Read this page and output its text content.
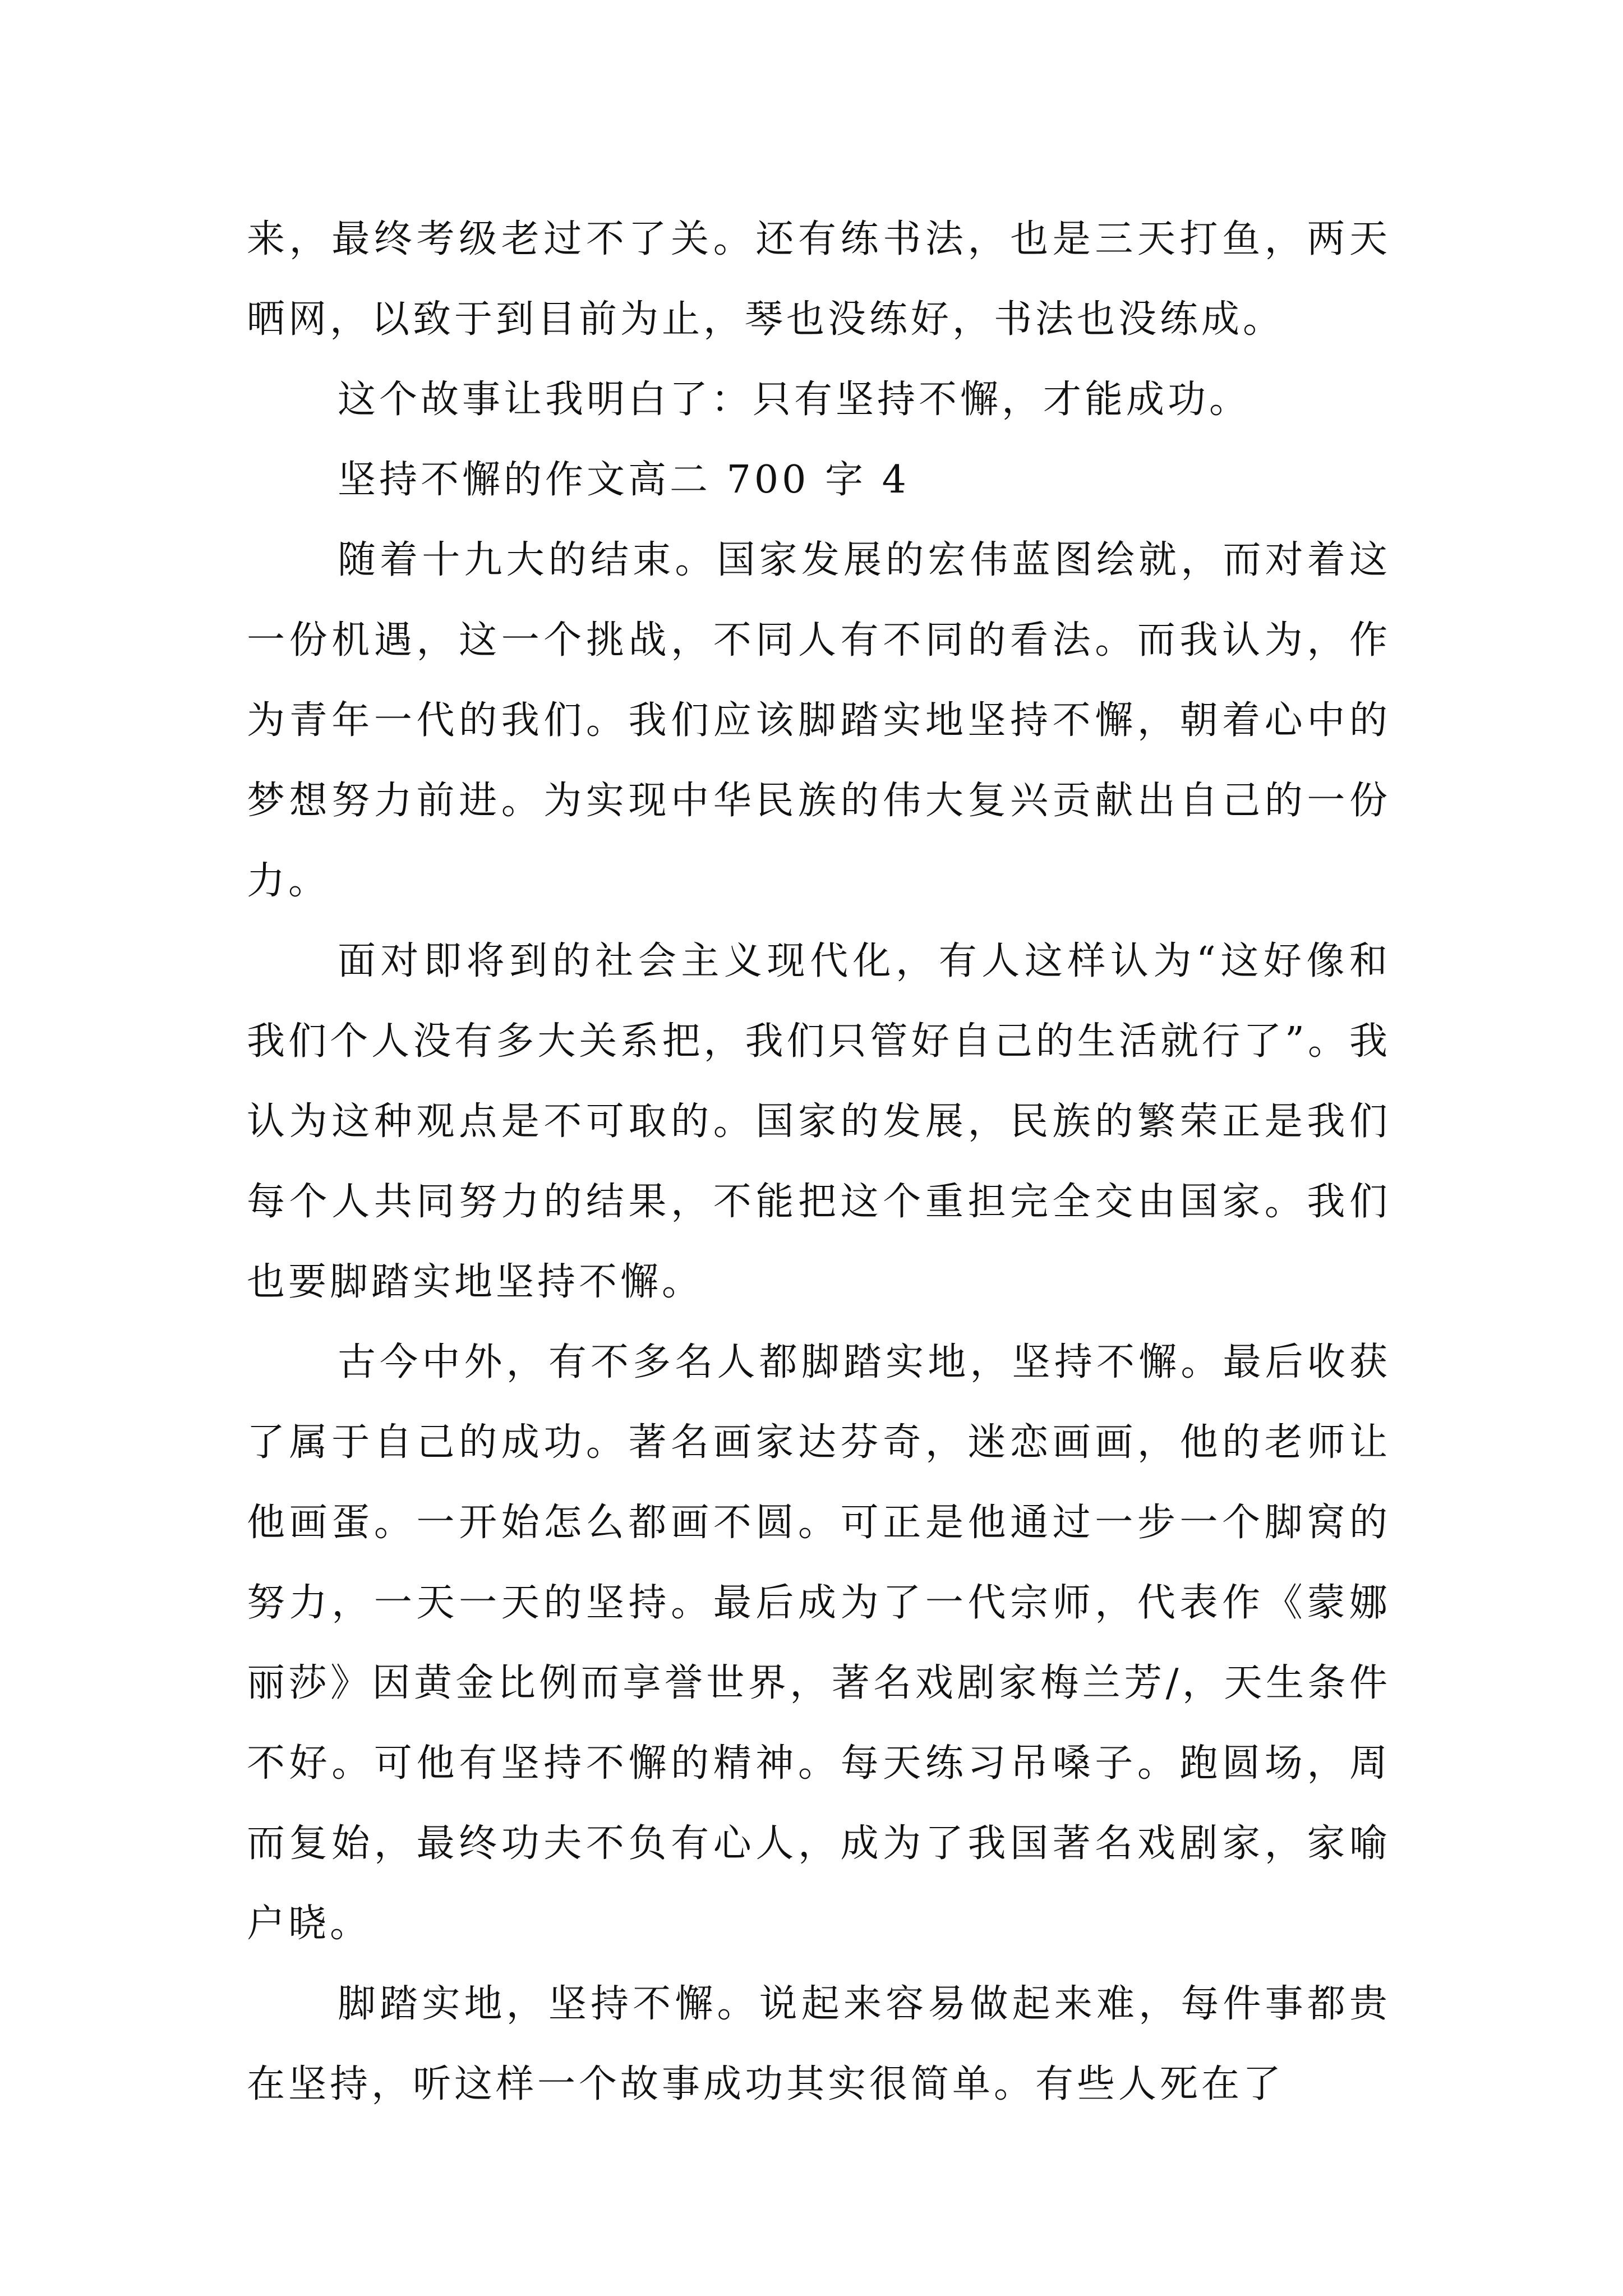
来，最终考级老过不了关。还有练书法，也是三天打鱼，两天晒网，以致于到目前为止，琴也没练好，书法也没练成。

这个故事让我明白了：只有坚持不懈，才能成功。

坚持不懈的作文高二 700 字 4

随着十九大的结束。国家发展的宏伟蓝图绘就，而对着这一份机遇，这一个挑战，不同人有不同的看法。而我认为，作为青年一代的我们。我们应该脚踏实地坚持不懈，朝着心中的梦想努力前进。为实现中华民族的伟大复兴贡献出自己的一份力。

面对即将到的社会主义现代化，有人这样认为“这好像和我们个人没有多大关系把，我们只管好自己的生活就行了”。我认为这种观点是不可取的。国家的发展，民族的繁荣正是我们每个人共同努力的结果，不能把这个重担完全交由国家。我们也要脚踏实地坚持不懈。

古今中外，有不多名人都脚踏实地，坚持不懈。最后收获了属于自己的成功。著名画家达芬奇，迷恋画画，他的老师让他画蛋。一开始怎么都画不圆。可正是他通过一步一个脚窝的努力，一天一天的坚持。最后成为了一代宗师，代表作《蒙娜丽莎》因黄金比例而享誉世界，著名戏剧家梅兰芳/，天生条件不好。可他有坚持不懈的精神。每天练习吊嗓子。跑圆场，周而复始，最终功夫不负有心人，成为了我国著名戏剧家，家喻户晓。

脚踏实地，坚持不懈。说起来容易做起来难，每件事都贵在坚持，听这样一个故事成功其实很简单。有些人死在了
